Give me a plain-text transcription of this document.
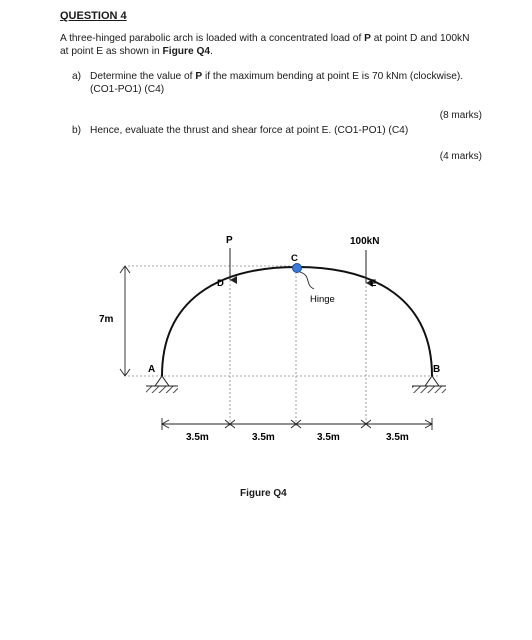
QUESTION 4
A three-hinged parabolic arch is loaded with a concentrated load of P at point D and 100kN at point E as shown in Figure Q4.
a) Determine the value of P if the maximum bending at point E is 70 kNm (clockwise). (CO1-PO1) (C4)
(8 marks)
b) Hence, evaluate the thrust and shear force at point E. (CO1-PO1) (C4)
(4 marks)
7m
Hinge
C
P
D
100kN
E
A	B
3.5m	3.5m	3.5m	3.5m
Figure Q4
